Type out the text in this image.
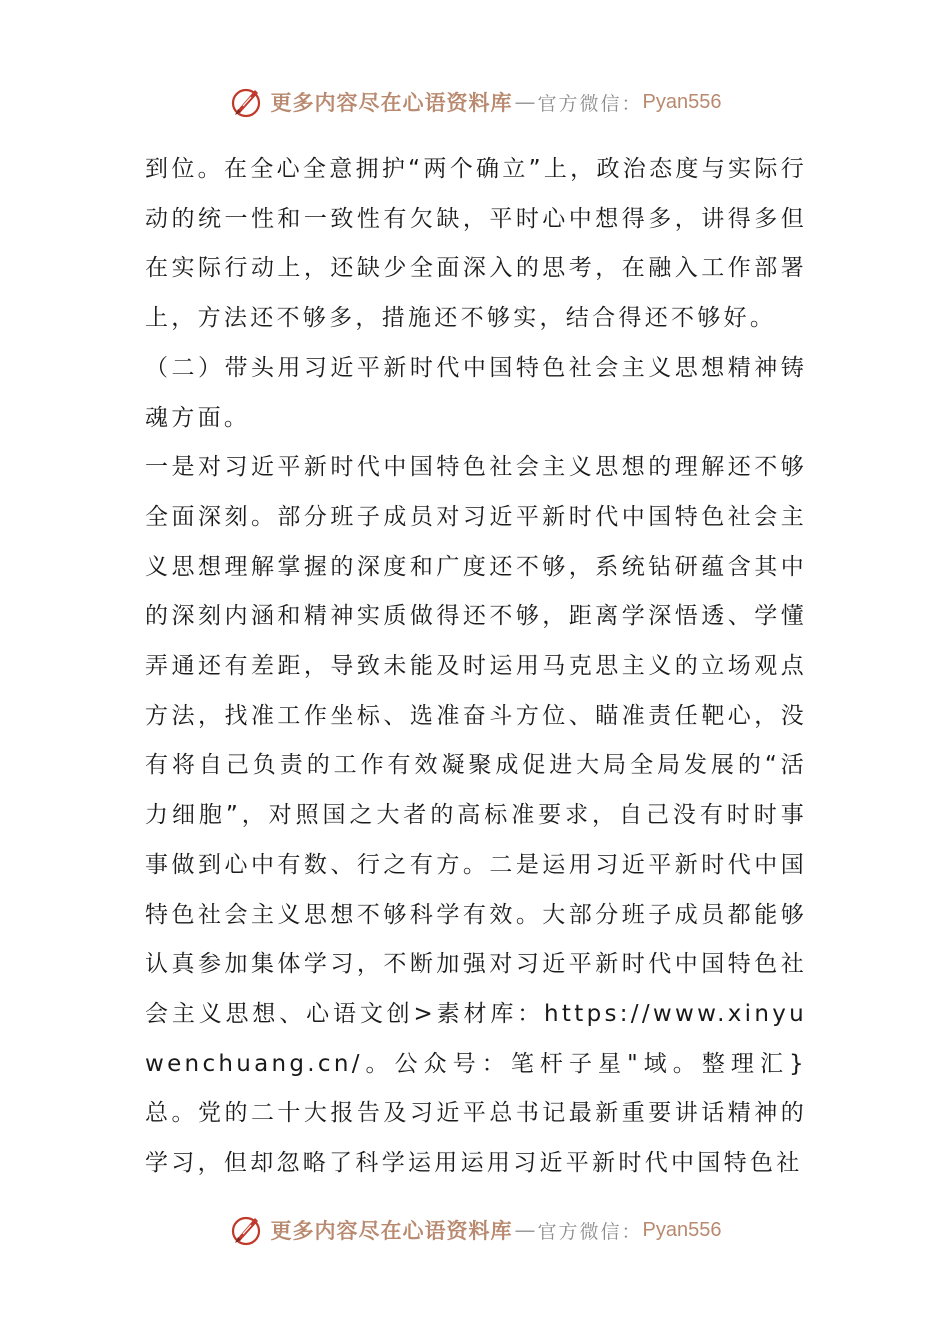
更多内容尽在心语资料库 — 官方微信： Pyan556

到位。在全心全意拥护“两个确立”上，政治态度与实际行动的统一性和一致性有欠缺，平时心中想得多，讲得多但在实际行动上，还缺少全面深入的思考，在融入工作部署上，方法还不够多，措施还不够实，结合得还不够好。

（二）带头用习近平新时代中国特色社会主义思想精神铸魂方面。

一是对习近平新时代中国特色社会主义思想的理解还不够全面深刻。部分班子成员对习近平新时代中国特色社会主义思想理解掌握的深度和广度还不够，系统钻研蕴含其中的深刻内涵和精神实质做得还不够，距离学深悟透、学懂弄通还有差距，导致未能及时运用马克思主义的立场观点方法，找准工作坐标、选准奋斗方位、瞄准责任靶心，没有将自己负责的工作有效凝聚成促进大局全局发展的“活力细胞”，对照国之大者的高标准要求，自己没有时时事事做到心中有数、行之有方。二是运用习近平新时代中国特色社会主义思想不够科学有效。大部分班子成员都能够认真参加集体学习，不断加强对习近平新时代中国特色社会主义思想、心语文创>素材库：https://www.xinyuwenchuang.cn/。公众号：笔杆子星"域。整理汇}总。党的二十大报告及习近平总书记最新重要讲话精神的学习，但却忽略了科学运用运用习近平新时代中国特色社

更多内容尽在心语资料库 — 官方微信： Pyan556
